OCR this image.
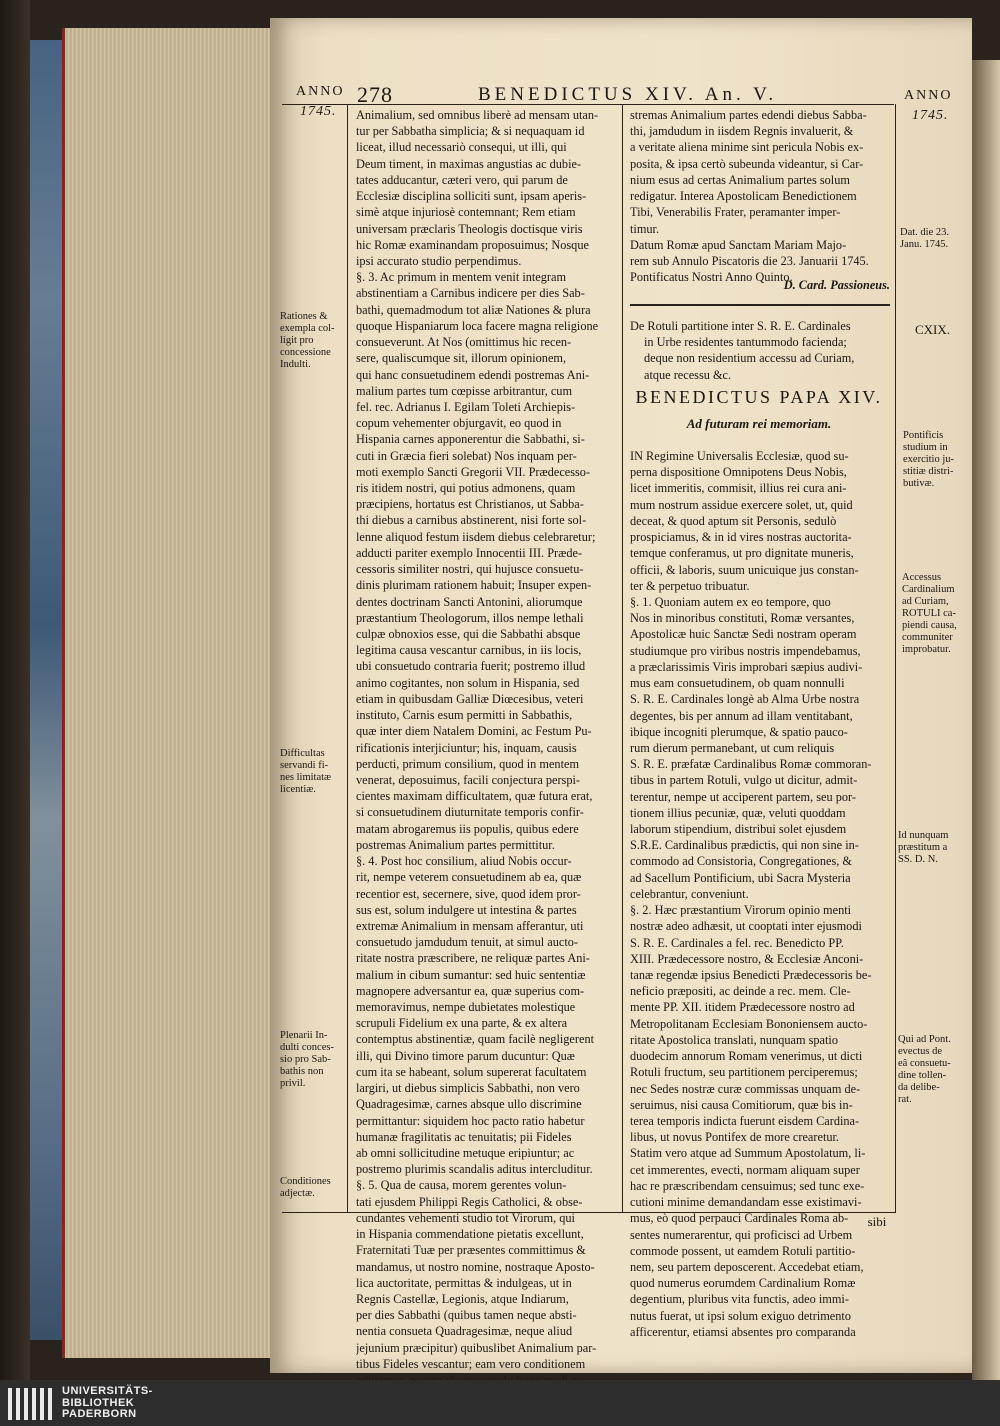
ANNO
1745.
278	BENEDICTUS XIV. An. V.	ANNO
1745.
Rationes &
exempla col-
ligit pro
concessione
Indulti.
Difficultas
servandi fi-
nes limitatæ
licentiæ.
Plenarii In-
dulti conces-
sio pro Sab-
bathis non
privil.
Conditiones
adjectæ.
Animalium, sed omnibus liberè ad mensam utan-
tur per Sabbatha simplicia; & si nequaquam id
liceat, illud necessariò consequi, ut illi, qui
Deum timent, in maximas angustias ac dubie-
tates adducantur, cæteri vero, qui parum de
Ecclesiæ disciplina solliciti sunt, ipsam aperis-
simè atque injuriosè contemnant; Rem etiam
universam præclaris Theologis doctisque viris
hic Romæ examinandam proposuimus; Nosque
ipsi accurato studio perpendimus.
§. 3. Ac primum in mentem venit integram
abstinentiam a Carnibus indicere per dies Sab-
bathi, quemadmodum tot aliæ Nationes & plura
quoque Hispaniarum loca facere magna religione
consueverunt. At Nos (omittimus hic recen-
sere, qualiscumque sit, illorum opinionem,
qui hanc consuetudinem edendi postremas Ani-
malium partes tum cœpisse arbitrantur, cum
fel. rec. Adrianus I. Egilam Toleti Archiepis-
copum vehementer objurgavit, eo quod in
Hispania carnes apponerentur die Sabbathi, si-
cuti in Græcia fieri solebat) Nos inquam per-
moti exemplo Sancti Gregorii VII. Prædecesso-
ris itidem nostri, qui potius admonens, quam
præcipiens, hortatus est Christianos, ut Sabba-
thi diebus a carnibus abstinerent, nisi forte sol-
lenne aliquod festum iisdem diebus celebraretur;
adducti pariter exemplo Innocentii III. Præde-
cessoris similiter nostri, qui hujusce consuetu-
dinis plurimam rationem habuit; Insuper expen-
dentes doctrinam Sancti Antonini, aliorumque
præstantium Theologorum, illos nempe lethali
culpæ obnoxios esse, qui die Sabbathi absque
legitima causa vescantur carnibus, in iis locis,
ubi consuetudo contraria fuerit; postremo illud
animo cogitantes, non solum in Hispania, sed
etiam in quibusdam Galliæ Diœcesibus, veteri
instituto, Carnis esum permitti in Sabbathis,
quæ inter diem Natalem Domini, ac Festum Pu-
rificationis interjiciuntur; his, inquam, causis
perducti, primum consilium, quod in mentem
venerat, deposuimus, facili conjectura perspi-
cientes maximam difficultatem, quæ futura erat,
si consuetudinem diuturnitate temporis confir-
matam abrogaremus iis populis, quibus edere
postremas Animalium partes permittitur.
§. 4. Post hoc consilium, aliud Nobis occur-
rit, nempe veterem consuetudinem ab ea, quæ
recentior est, secernere, sive, quod idem pror-
sus est, solum indulgere ut intestina & partes
extremæ Animalium in mensam afferantur, uti
consuetudo jamdudum tenuit, at simul aucto-
ritate nostra præscribere, ne reliquæ partes Ani-
malium in cibum sumantur: sed huic sententiæ
magnopere adversantur ea, quæ superius com-
memoravimus, nempe dubietates molestique
scrupuli Fidelium ex una parte, & ex altera
contemptus abstinentiæ, quam facilè negligerent
illi, qui Divino timore parum ducuntur: Quæ
cum ita se habeant, solum supererat facultatem
largiri, ut diebus simplicis Sabbathi, non vero
Quadragesimæ, carnes absque ullo discrimine
permittantur: siquidem hoc pacto ratio habetur
humanæ fragilitatis ac tenuitatis; pii Fideles
ab omni sollicitudine metuque eripiuntur; ac
postremo plurimis scandalis aditus intercluditur.
§. 5. Qua de causa, morem gerentes volun-
tati ejusdem Philippi Regis Catholici, & obse-
cundantes vehementi studio tot Virorum, qui
in Hispania commendatione pietatis excellunt,
Fraternitati Tuæ per præsentes committimus &
mandamus, ut nostro nomine, nostraque Aposto-
lica auctoritate, permittas & indulgeas, ut in
Regnis Castellæ, Legionis, atque Indiarum,
per dies Sabbathi (quibus tamen neque absti-
nentia consueta Quadragesimæ, neque aliud
jejunium præcipitur) quibuslibet Animalium par-
tibus Fideles vescantur; eam vero conditionem
stremas Animalium partes edendi diebus Sabba-
thi, jamdudum in iisdem Regnis invaluerit, &
a veritate aliena minime sint pericula Nobis ex-
posita, & ipsa certò subeunda videantur, si Car-
nium esus ad certas Animalium partes solum
redigatur. Interea Apostolicam Benedictionem
Tibi, Venerabilis Frater, peramanter imper-
timur.
Datum Romæ apud Sanctam Mariam Majo-
rem sub Annulo Piscatoris die 23. Januarii 1745.
Pontificatus Nostri Anno Quinto.
D. Card. Passioneus.
De Rotuli partitione inter S. R. E. Cardinales
in Urbe residentes tantummodo facienda;
deque non residentium accessu ad Curiam,
atque recessu &c.
BENEDICTUS PAPA XIV.
Ad futuram rei memoriam.
IN Regimine Universalis Ecclesiæ, quod su-
perna dispositione Omnipotens Deus Nobis,
licet immeritis, commisit, illius rei cura ani-
mum nostrum assidue exercere solet, ut, quid
deceat, & quod aptum sit Personis, sedulò
prospiciamus, & in id vires nostras auctorita-
temque conferamus, ut pro dignitate muneris,
officii, & laboris, suum unicuique jus constan-
ter & perpetuo tribuatur.
§. 1. Quoniam autem ex eo tempore, quo
Nos in minoribus constituti, Romæ versantes,
Apostolicæ huic Sanctæ Sedi nostram operam
studiumque pro viribus nostris impendebamus,
a præclarissimis Viris improbari sæpius audivi-
mus eam consuetudinem, ob quam nonnulli
S. R. E. Cardinales longè ab Alma Urbe nostra
degentes, bis per annum ad illam ventitabant,
ibique incogniti plerumque, & spatio pauco-
rum dierum permanebant, ut cum reliquis
S. R. E. præfatæ Cardinalibus Romæ commoran-
tibus in partem Rotuli, vulgo ut dicitur, admit-
terentur, nempe ut acciperent partem, seu por-
tionem illius pecuniæ, quæ, veluti quoddam
laborum stipendium, distribui solet ejusdem
S.R.E. Cardinalibus prædictis, qui non sine in-
commodo ad Consistoria, Congregationes, &
ad Sacellum Pontificium, ubi Sacra Mysteria
celebrantur, conveniunt.
§. 2. Hæc præstantium Virorum opinio menti
nostræ adeo adhæsit, ut cooptati inter ejusmodi
S. R. E. Cardinales a fel. rec. Benedicto PP.
XIII. Prædecessore nostro, & Ecclesiæ Anconi-
tanæ regendæ ipsius Benedicti Prædecessoris be-
neficio præpositi, ac deinde a rec. mem. Cle-
mente PP. XII. itidem Prædecessore nostro ad
Metropolitanam Ecclesiam Bononiensem aucto-
ritate Apostolica translati, nunquam spatio
duodecim annorum Romam venerimus, ut dicti
Rotuli fructum, seu partitionem perciperemus;
nec Sedes nostræ curæ commissas unquam de-
seruimus, nisi causa Comitiorum, quæ bis in-
terea temporis indicta fuerunt eisdem Cardina-
libus, ut novus Pontifex de more crearetur.
Statim vero atque ad Summum Apostolatum, li-
cet immerentes, evecti, normam aliquam super
hac re præscribendam censuimus; sed tunc exe-
cutioni minime demandandam esse existimavi-
mus, eò quod perpauci Cardinales Roma ab-
sentes numerarentur, qui proficisci ad Urbem
commode possent, ut eamdem Rotuli partitio-
nem, seu partem deposcerent. Accedebat etiam,
quod numerus eorumdem Cardinalium Romæ
degentium, pluribus vita functis, adeo immi-
nutus fuerat, ut ipsi solum exiguo detrimento
afficerentur, etiamsi absentes pro comparanda
sibi
Dat. die 23.
Janu. 1745.
CXIX.
Pontificis
studium in
exercitio ju-
stitiæ distri-
butivæ.
Accessus
Cardinalium
ad Curiam,
ROTULI ca-
piendi causa,
communiter
improbatur.
Id nunquam
præstitum a
SS. D. N.
Qui ad Pont.
evectus de
eâ consuetu-
dine tollen-
da delibe-
rat.
UNIVERSITÄTS-
BIBLIOTHEK
PADERBORN
